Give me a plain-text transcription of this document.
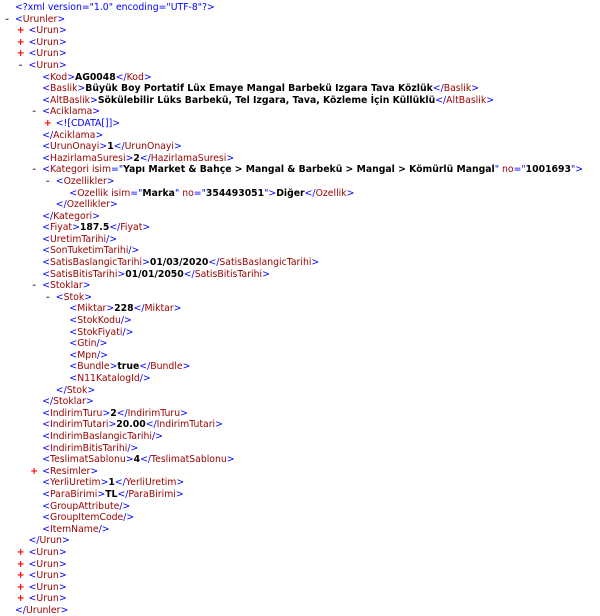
<?xml version="1.0" encoding="UTF-8"?>
- <Urunler>
+ <Urun>
+ <Urun>
+ <Urun>
- <Urun>
<Kod>AG0048</Kod>
<Baslik>Büyük Boy Portatif Lüx Emaye Mangal Barbekü Izgara Tava Közlük</Baslik>
<AltBaslik>Sökülebilir Lüks Barbekü, Tel Izgara, Tava, Közleme İçin Küllüklü</AltBaslik>
- <Aciklama>
+ <![CDATA[]]>
</Aciklama>
<UrunOnayi>1</UrunOnayi>
<HazirlamaSuresi>2</HazirlamaSuresi>
- <Kategori isim="Yapı Market & Bahçe > Mangal & Barbekü > Mangal > Kömürlü Mangal" no="1001693">
- <Ozellikler>
<Ozellik isim="Marka" no="354493051">Diğer</Ozellik>
</Ozellikler>
</Kategori>
<Fiyat>187.5</Fiyat>
<UretimTarihi/>
<SonTuketimTarihi/>
<SatisBaslangicTarihi>01/03/2020</SatisBaslangicTarihi>
<SatisBitisTarihi>01/01/2050</SatisBitisTarihi>
- <Stoklar>
- <Stok>
<Miktar>228</Miktar>
<StokKodu/>
<StokFiyati/>
<Gtin/>
<Mpn/>
<Bundle>true</Bundle>
<N11KatalogId/>
</Stok>
</Stoklar>
<IndirimTuru>2</IndirimTuru>
<IndirimTutari>20.00</IndirimTutari>
<IndirimBaslangicTarihi/>
<IndirimBitisTarihi/>
<TeslimatSablonu>4</TeslimatSablonu>
+ <Resimler>
<YerliUretim>1</YerliUretim>
<ParaBirimi>TL</ParaBirimi>
<GroupAttribute/>
<GroupItemCode/>
<ItemName/>
</Urun>
+ <Urun>
+ <Urun>
+ <Urun>
+ <Urun>
+ <Urun>
</Urunler>
